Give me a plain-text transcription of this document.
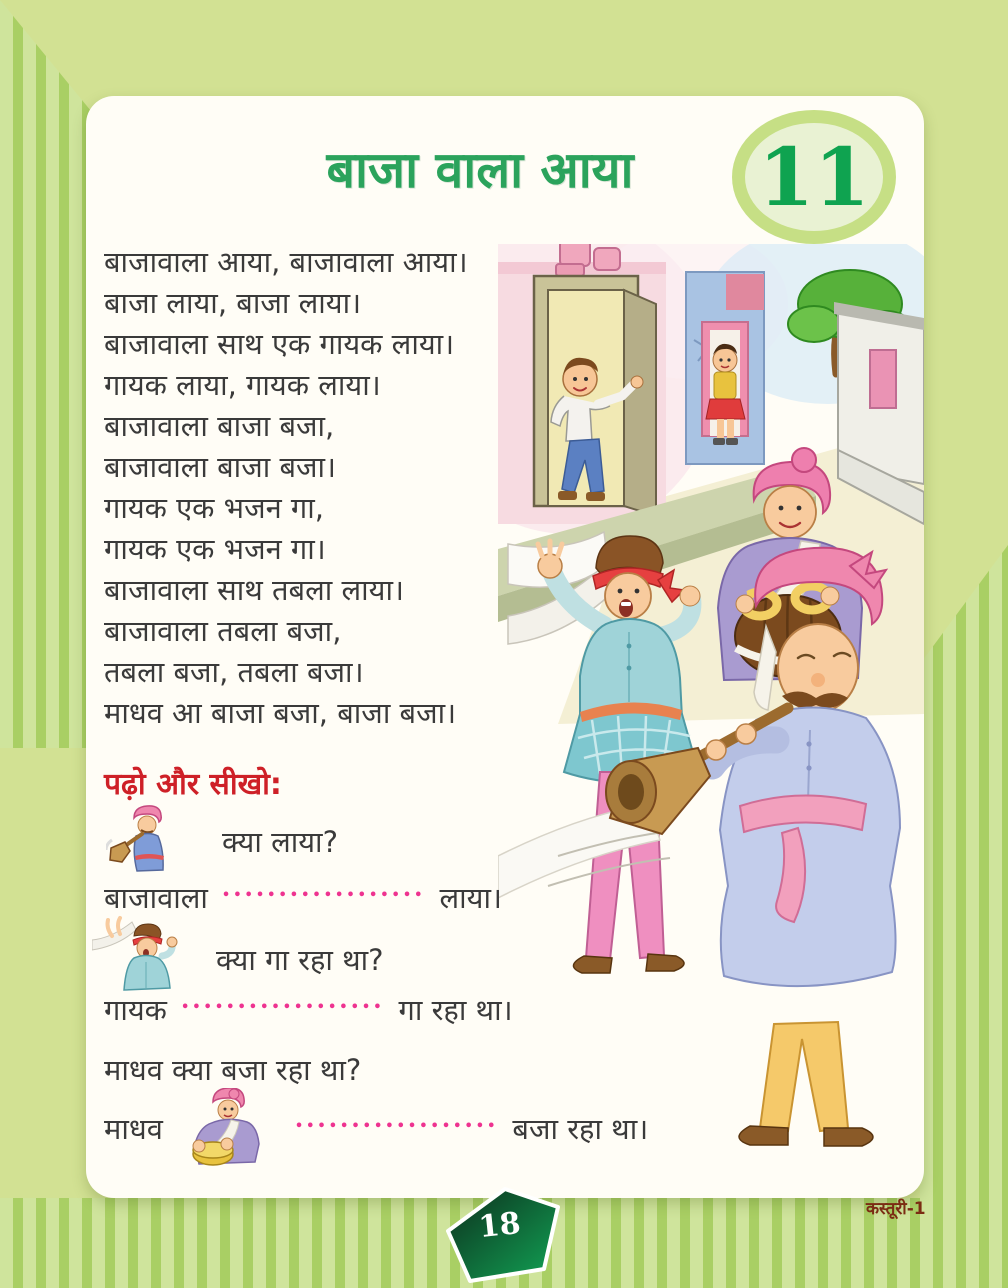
बाजा वाला आया	11
बाजावाला आया, बाजावाला आया।
बाजा लाया, बाजा लाया।
बाजावाला साथ एक गायक लाया।
गायक लाया, गायक लाया।
बाजावाला बाजा बजा,
बाजावाला बाजा बजा।
गायक एक भजन गा,
गायक एक भजन गा।
बाजावाला साथ तबला लाया।
बाजावाला तबला बजा,
तबला बजा, तबला बजा।
माधव आ बाजा बजा, बाजा बजा।
पढ़ो और सीखो:
क्या लाया?
बाजावाला •••••••••••••••••• लाया।
क्या गा रहा था?
गायक •••••••••••••••••• गा रहा था।
माधव क्या बजा रहा था?
माधव	•••••••••••••••••• बजा रहा था।
18	कस्तूरी-1
